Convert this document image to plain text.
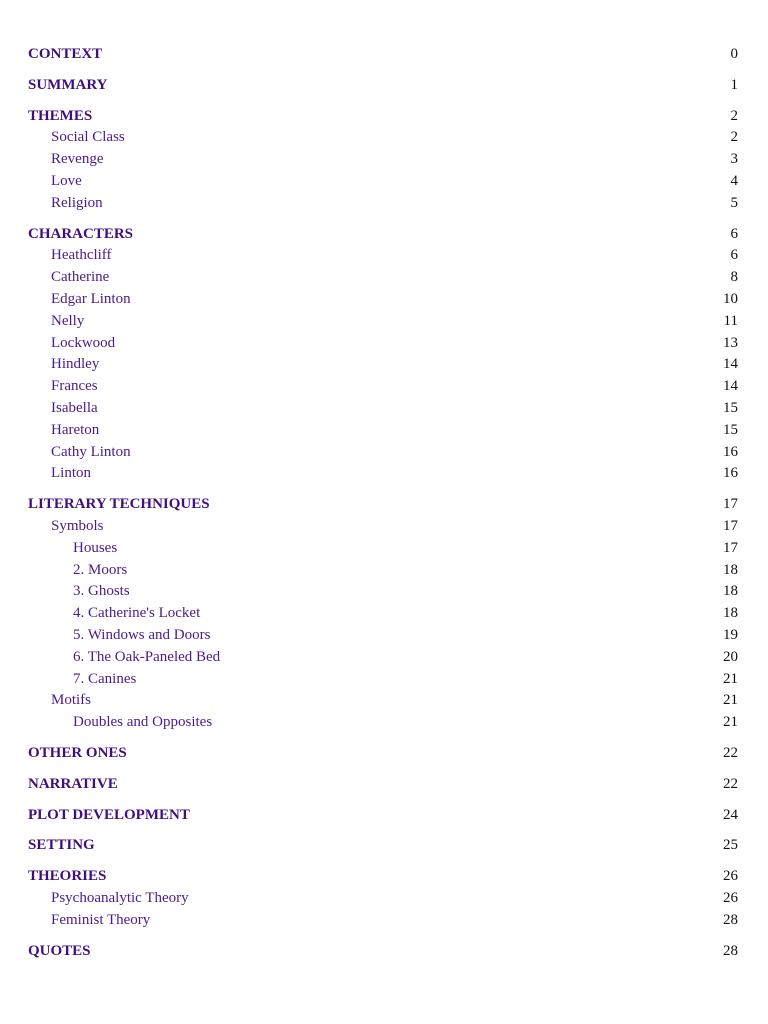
CONTEXT	0
SUMMARY	1
THEMES	2
Social Class	2
Revenge	3
Love	4
Religion	5
CHARACTERS	6
Heathcliff	6
Catherine	8
Edgar Linton	10
Nelly	11
Lockwood	13
Hindley	14
Frances	14
Isabella	15
Hareton	15
Cathy Linton	16
Linton	16
LITERARY TECHNIQUES	17
Symbols	17
Houses	17
2. Moors	18
3. Ghosts	18
4. Catherine's Locket	18
5. Windows and Doors	19
6. The Oak-Paneled Bed	20
7. Canines	21
Motifs	21
Doubles and Opposites	21
OTHER ONES	22
NARRATIVE	22
PLOT DEVELOPMENT	24
SETTING	25
THEORIES	26
Psychoanalytic Theory	26
Feminist Theory	28
QUOTES	28
